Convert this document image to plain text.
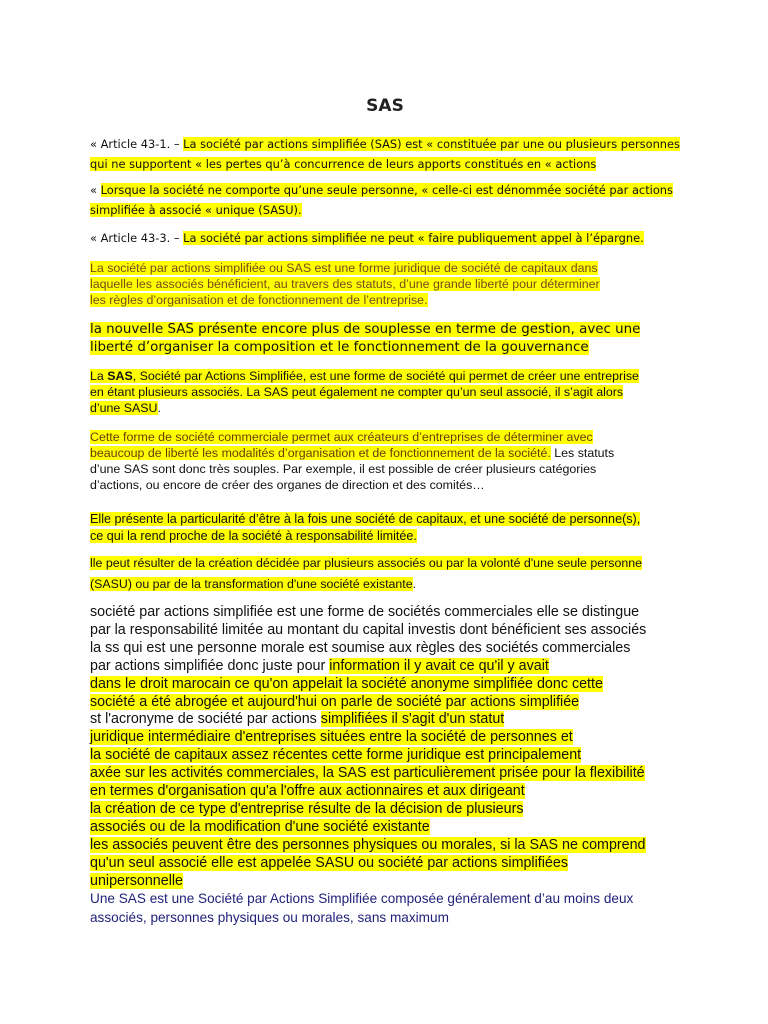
SAS
« Article 43-1. – La société par actions simplifiée (SAS) est « constituée par une ou plusieurs personnes
qui ne supportent « les pertes qu’à concurrence de leurs apports constitués en « actions
« Lorsque la société ne comporte qu’une seule personne, « celle-ci est dénommée société par actions
simplifiée à associé « unique (SASU).
« Article 43-3. – La société par actions simplifiée ne peut « faire publiquement appel à l’épargne.
La société par actions simplifiée ou SAS est une forme juridique de société de capitaux dans
laquelle les associés bénéficient, au travers des statuts, d’une grande liberté pour déterminer
les règles d’organisation et de fonctionnement de l’entreprise.
la nouvelle SAS présente encore plus de souplesse en terme de gestion, avec une
liberté d’organiser la composition et le fonctionnement de la gouvernance
La SAS, Société par Actions Simplifiée, est une forme de société qui permet de créer une entreprise
en étant plusieurs associés. La SAS peut également ne compter qu’un seul associé, il s’agit alors
d’une SASU.
Cette forme de société commerciale permet aux créateurs d’entreprises de déterminer avec
beaucoup de liberté les modalités d’organisation et de fonctionnement de la société. Les statuts
d’une SAS sont donc très souples. Par exemple, il est possible de créer plusieurs catégories
d’actions, ou encore de créer des organes de direction et des comités…
Elle présente la particularité d’être à la fois une société de capitaux, et une société de personne(s),
ce qui la rend proche de la société à responsabilité limitée.
lle peut résulter de la création décidée par plusieurs associés ou par la volonté d'une seule personne
(SASU) ou par de la transformation d'une société existante.
société par actions simplifiée est une forme de sociétés commerciales elle se distingue
par la responsabilité limitée au montant du capital investis dont bénéficient ses associés
la ss qui est une personne morale est soumise aux règles des sociétés commerciales
par actions simplifiée donc juste pour information il y avait ce qu'il y avait
dans le droit marocain ce qu'on appelait la société anonyme simplifiée donc cette
société a été abrogée et aujourd'hui on parle de société par actions simplifiée
st l'acronyme de société par actions simplifiées il s'agit d'un statut
juridique intermédiaire d'entreprises situées entre la société de personnes et
la société de capitaux assez récentes cette forme juridique est principalement
axée sur les activités commerciales, la SAS est particulièrement prisée pour la flexibilité
en termes d'organisation qu'a l'offre aux actionnaires et aux dirigeant
la création de ce type d'entreprise résulte de la décision de plusieurs
associés ou de la modification d'une société existante
les associés peuvent être des personnes physiques ou morales, si la SAS ne comprend
qu'un seul associé elle est appelée SASU ou société par actions simplifiées
unipersonnelle
Une SAS est une Société par Actions Simplifiée composée généralement d’au moins deux
associés, personnes physiques ou morales, sans maximum
